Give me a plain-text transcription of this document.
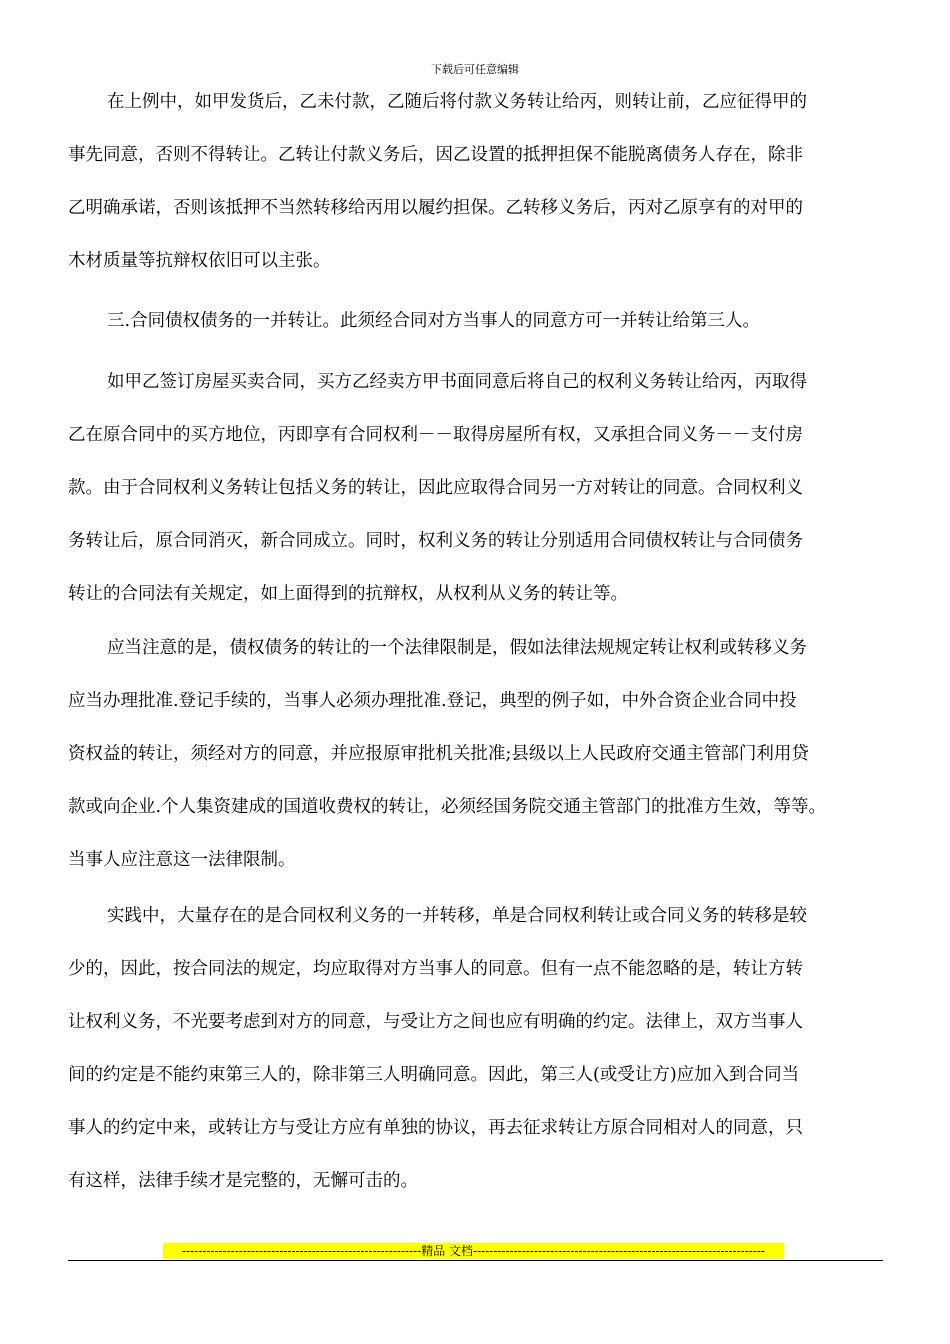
下载后可任意编辑
在上例中，如甲发货后，乙未付款，乙随后将付款义务转让给丙，则转让前，乙应征得甲的
事先同意，否则不得转让。乙转让付款义务后，因乙设置的抵押担保不能脱离债务人存在，除非
乙明确承诺，否则该抵押不当然转移给丙用以履约担保。乙转移义务后，丙对乙原享有的对甲的
木材质量等抗辩权依旧可以主张。
三.合同债权债务的一并转让。此须经合同对方当事人的同意方可一并转让给第三人。
如甲乙签订房屋买卖合同，买方乙经卖方甲书面同意后将自己的权利义务转让给丙，丙取得
乙在原合同中的买方地位，丙即享有合同权利－－取得房屋所有权，又承担合同义务－－支付房
款。由于合同权利义务转让包括义务的转让，因此应取得合同另一方对转让的同意。合同权利义
务转让后，原合同消灭，新合同成立。同时，权利义务的转让分别适用合同债权转让与合同债务
转让的合同法有关规定，如上面得到的抗辩权，从权利从义务的转让等。
应当注意的是，债权债务的转让的一个法律限制是，假如法律法规规定转让权利或转移义务
应当办理批准.登记手续的，当事人必须办理批准.登记，典型的例子如，中外合资企业合同中投
资权益的转让，须经对方的同意，并应报原审批机关批准;县级以上人民政府交通主管部门利用贷
款或向企业.个人集资建成的国道收费权的转让，必须经国务院交通主管部门的批准方生效，等等。
当事人应注意这一法律限制。
实践中，大量存在的是合同权利义务的一并转移，单是合同权利转让或合同义务的转移是较
少的，因此，按合同法的规定，均应取得对方当事人的同意。但有一点不能忽略的是，转让方转
让权利义务，不光要考虑到对方的同意，与受让方之间也应有明确的约定。法律上，双方当事人
间的约定是不能约束第三人的，除非第三人明确同意。因此，第三人(或受让方)应加入到合同当
事人的约定中来，或转让方与受让方应有单独的协议，再去征求转让方原合同相对人的同意，只
有这样，法律手续才是完整的，无懈可击的。
-----------------------------------------------------------精品 文档------------------------------------------------------------------------
